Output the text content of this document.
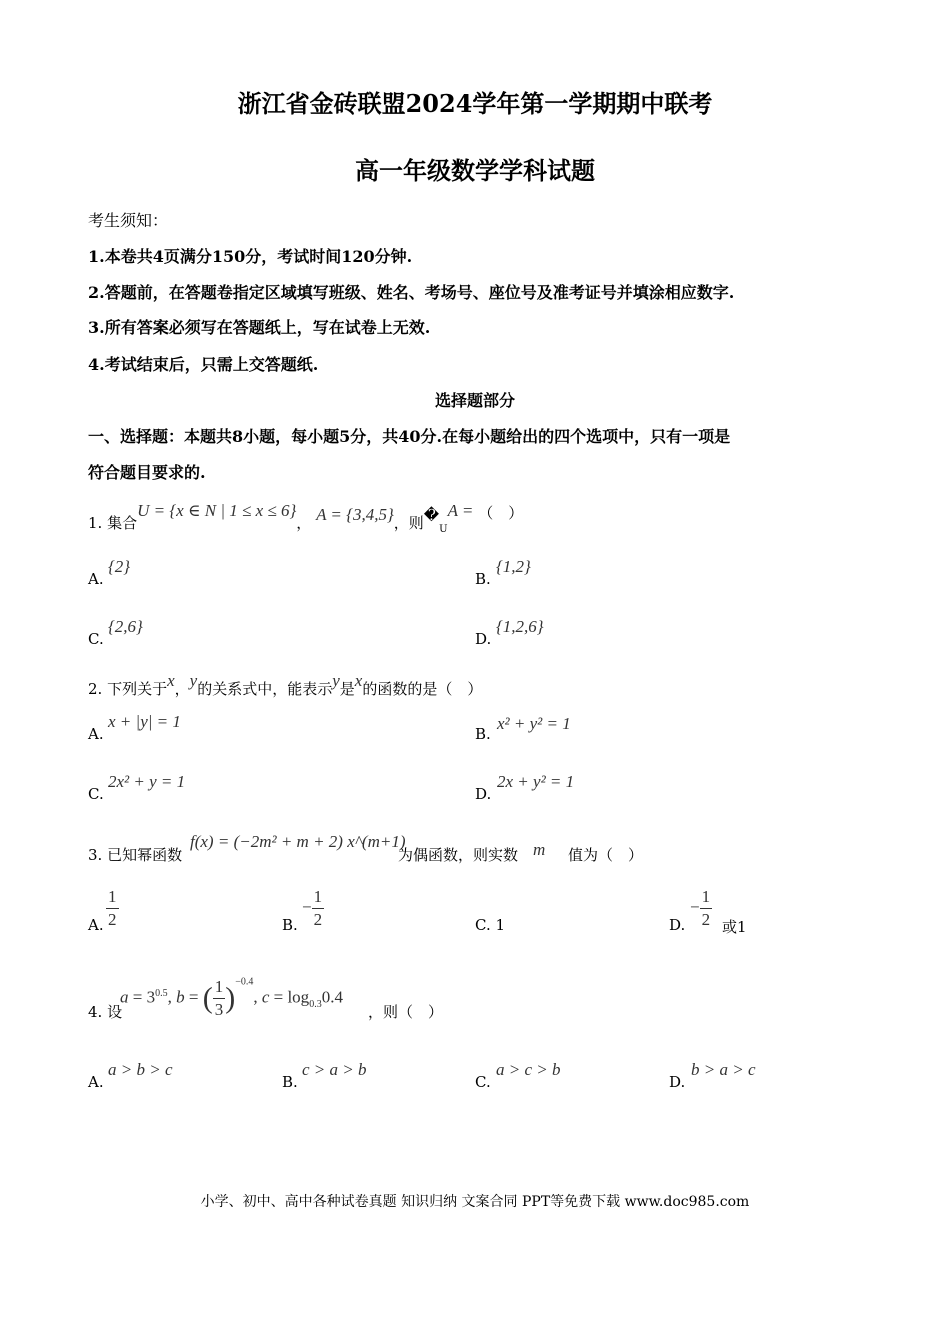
浙江省金砖联盟2024学年第一学期期中联考
高一年级数学学科试题
考生须知：
1.本卷共4页满分150分，考试时间120分钟.
2.答题前，在答题卷指定区域填写班级、姓名、考场号、座位号及准考证号并填涂相应数字.
3.所有答案必须写在答题纸上，写在试卷上无效.
4.考试结束后，只需上交答题纸.
选择题部分
一、选择题：本题共8小题，每小题5分，共40分.在每小题给出的四个选项中，只有一项是
符合题目要求的.
1. 集合U = {x ∈ N | 1 ≤ x ≤ 6}， A = {3,4,5}，则$�_UA$ = （　）
A.
{2}
B.
{1,2}
C.
{2,6}
D.
{1,2,6}
2. 下列关于x，y的关系式中，能表示y是x的函数的是（　）
A.
x + |y| = 1
B.
x² + y² = 1
C.
2x² + y = 1
D.
2x + y² = 1
3. 已知幂函数
f(x) = (−2m² + m + 2) x^(m+1)
为偶函数，则实数 m 值为（　）
A. $\frac{1}{2}$	B.
− $\frac{1}{2}$	C. 1	D.
− $\frac{1}{2}$ 或1
4. 设
$a = 3^{0.5}$, b = ( $\frac{1}{3} )^{-0.4}$, $c = \log_{0.3}0.4$
，则（　）
A.
a > b > c
B.
c > a > b
C.
a > c > b
D.
b > a > c
小学、初中、高中各种试卷真题 知识归纳 文案合同 PPT等免费下载 www.doc985.com
